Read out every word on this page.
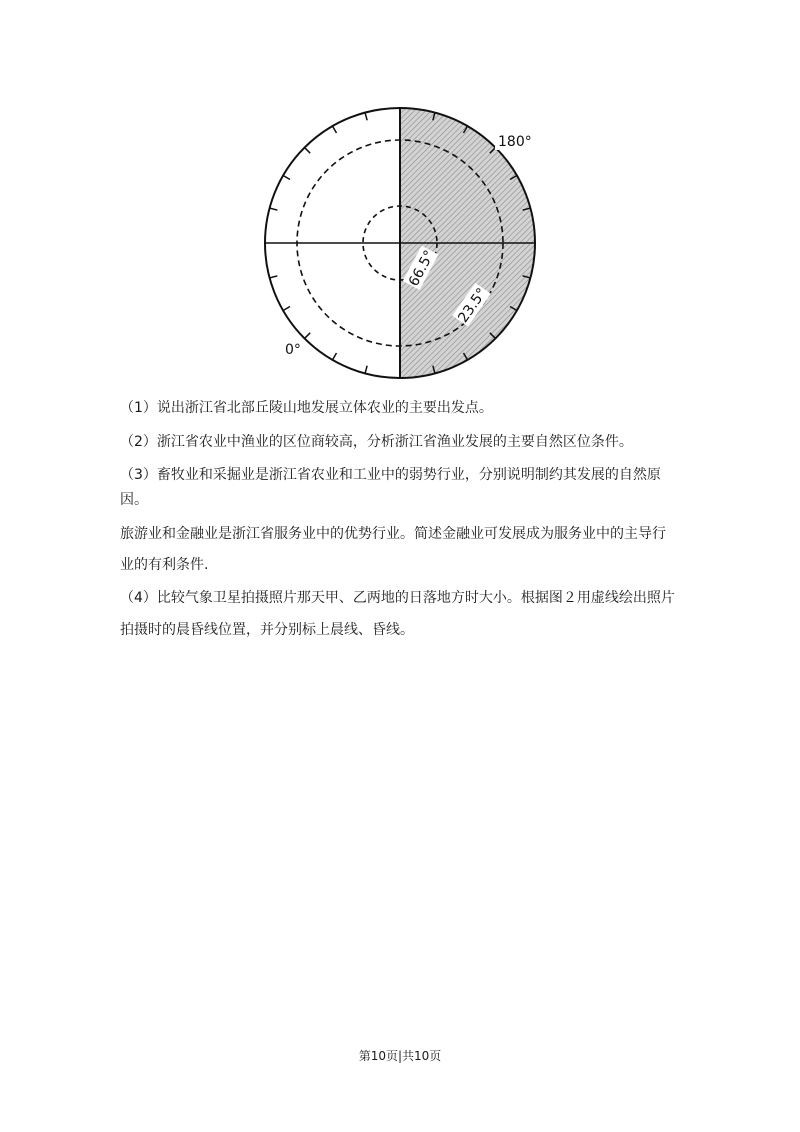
180°
0°
66.5°
23.5°
（1）说出浙江省北部丘陵山地发展立体农业的主要出发点。
（2）浙江省农业中渔业的区位商较高，分析浙江省渔业发展的主要自然区位条件。
（3）畜牧业和采掘业是浙江省农业和工业中的弱势行业，分别说明制约其发展的自然原
因。
旅游业和金融业是浙江省服务业中的优势行业。简述金融业可发展成为服务业中的主导行
业的有利条件.
（4）比较气象卫星拍摄照片那天甲、乙两地的日落地方时大小。根据图２用虚线绘出照片
拍摄时的晨昏线位置，并分别标上晨线、昏线。
第10页|共10页
